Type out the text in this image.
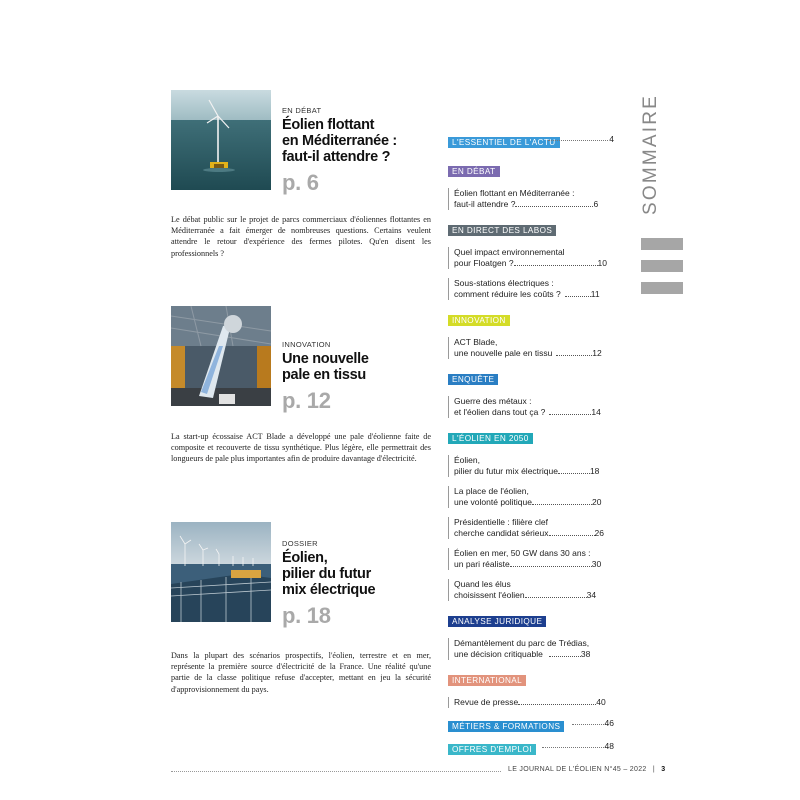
EN DÉBAT
Éolien flottant
en Méditerranée :
faut-il attendre ?
p. 6
Le débat public sur le projet de parcs commerciaux d'éoliennes flottantes en Méditerranée a fait émerger de nombreuses questions. Certains veulent attendre le retour d'expérience des fermes pilotes. Qu'en disent les professionnels ?
INNOVATION
Une nouvelle
pale en tissu
p. 12
La start-up écossaise ACT Blade a développé une pale d'éolienne faite de composite et recouverte de tissu synthétique. Plus légère, elle permettrait des longueurs de pale plus importantes afin de produire davantage d'électricité.
DOSSIER
Éolien,
pilier du futur
mix électrique
p. 18
Dans la plupart des scénarios prospectifs, l'éolien, terrestre et en mer, représente la première source d'électricité de la France. Une réalité qu'une partie de la classe politique refuse d'accepter, mettant en jeu la sécurité d'approvisionnement du pays.
L'ESSENTIEL DE L'ACTU	4
EN DÉBAT
Éolien flottant en Méditerranée :
faut-il attendre ?	6
EN DIRECT DES LABOS
Quel impact environnemental
pour Floatgen ?	10
Sous-stations électriques :
comment réduire les coûts ?	11
INNOVATION
ACT Blade,
une nouvelle pale en tissu	12
ENQUÊTE
Guerre des métaux :
et l'éolien dans tout ça ?	14
L'ÉOLIEN EN 2050
Éolien,
pilier du futur mix électrique	18
La place de l'éolien,
une volonté politique	20
Présidentielle : filière clef
cherche candidat sérieux	26
Éolien en mer, 50 GW dans 30 ans :
un pari réaliste	30
Quand les élus
choisissent l'éolien	34
ANALYSE JURIDIQUE
Démantèlement du parc de Trédias,
une décision critiquable	38
INTERNATIONAL
Revue de presse	40
MÉTIERS & FORMATIONS	46
OFFRES D'EMPLOI	48
SOMMAIRE
LE JOURNAL DE L'ÉOLIEN N°45 – 2022 | 3
